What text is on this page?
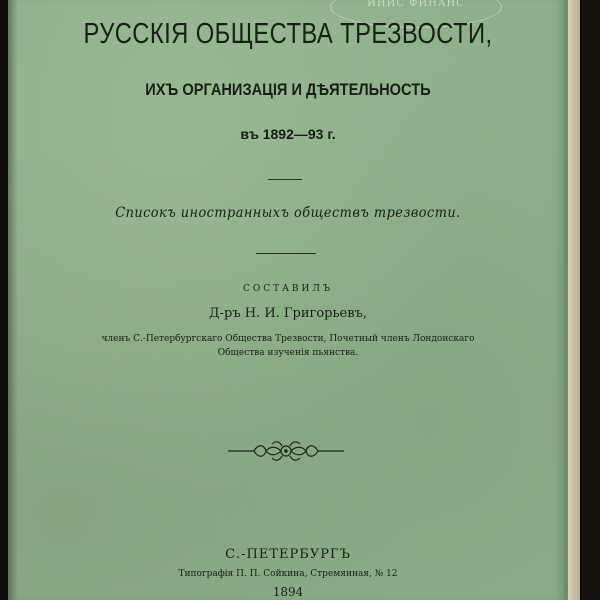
ИНИС ФИНАНС
РУССКІЯ ОБЩЕСТВА ТРЕЗВОСТИ,
ИХЪ ОРГАНИЗАЦІЯ И ДѢЯТЕЛЬНОСТЬ
въ 1892—93 г.
Списокъ иностранныхъ обществъ трезвости.
СОСТАВИЛЪ
Д-ръ Н. И. Григорьевъ,
членъ С.-Петербургскаго Общества Трезвости, Почетный членъ Лондонскаго
Общества изученія пьянства.
С.-ПЕТЕРБУРГЪ
Типографія П. П. Сойкина, Стремянная, № 12
1894
